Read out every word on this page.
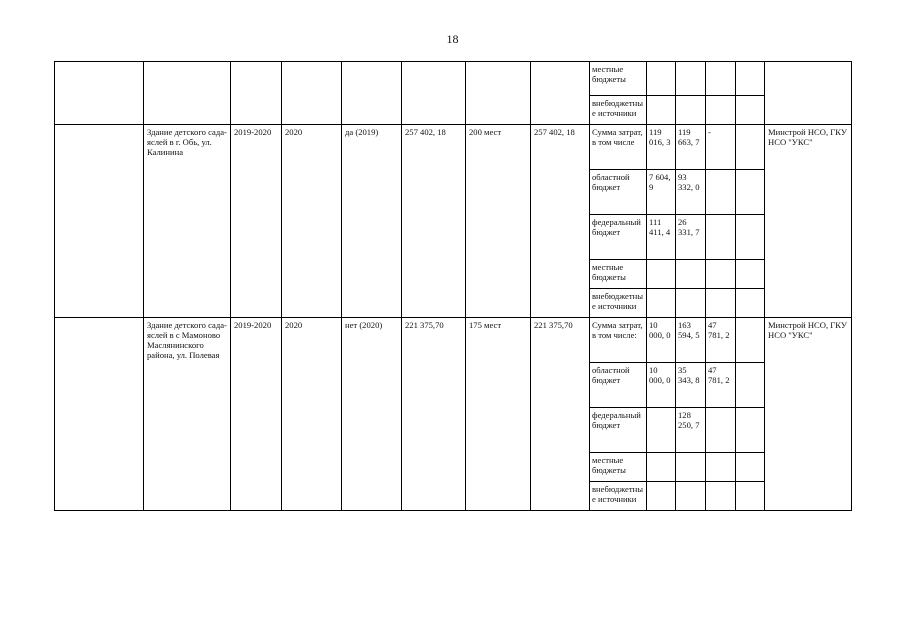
18
								местные бюджеты					
								внебюджетные источники					
	Здание детского сада-яслей в г. Обь, ул. Калинина	2019-2020	2020	да (2019)	257 402, 18	200 мест	257 402, 18	Сумма затрат, в том числе	119 016, 3	119 663, 7	-		Минстрой НСО, ГКУ НСО "УКС"
								областной бюджет	7 604, 9	93 332, 0			
								федеральный бюджет	111 411, 4	26 331, 7			
								местные бюджеты					
								внебюджетные источники					
	Здание детского сада-яслей в с Мамоново Маслянинского района, ул. Полевая	2019-2020	2020	нет (2020)	221 375,70	175 мест	221 375,70	Сумма затрат, в том числе:	10 000, 0	163 594, 5	47 781, 2		Минстрой НСО, ГКУ НСО "УКС"
								областной бюджет	10 000, 0	35 343, 8	47 781, 2		
								федеральный бюджет		128 250, 7			
								местные бюджеты					
								внебюджетные источники					
